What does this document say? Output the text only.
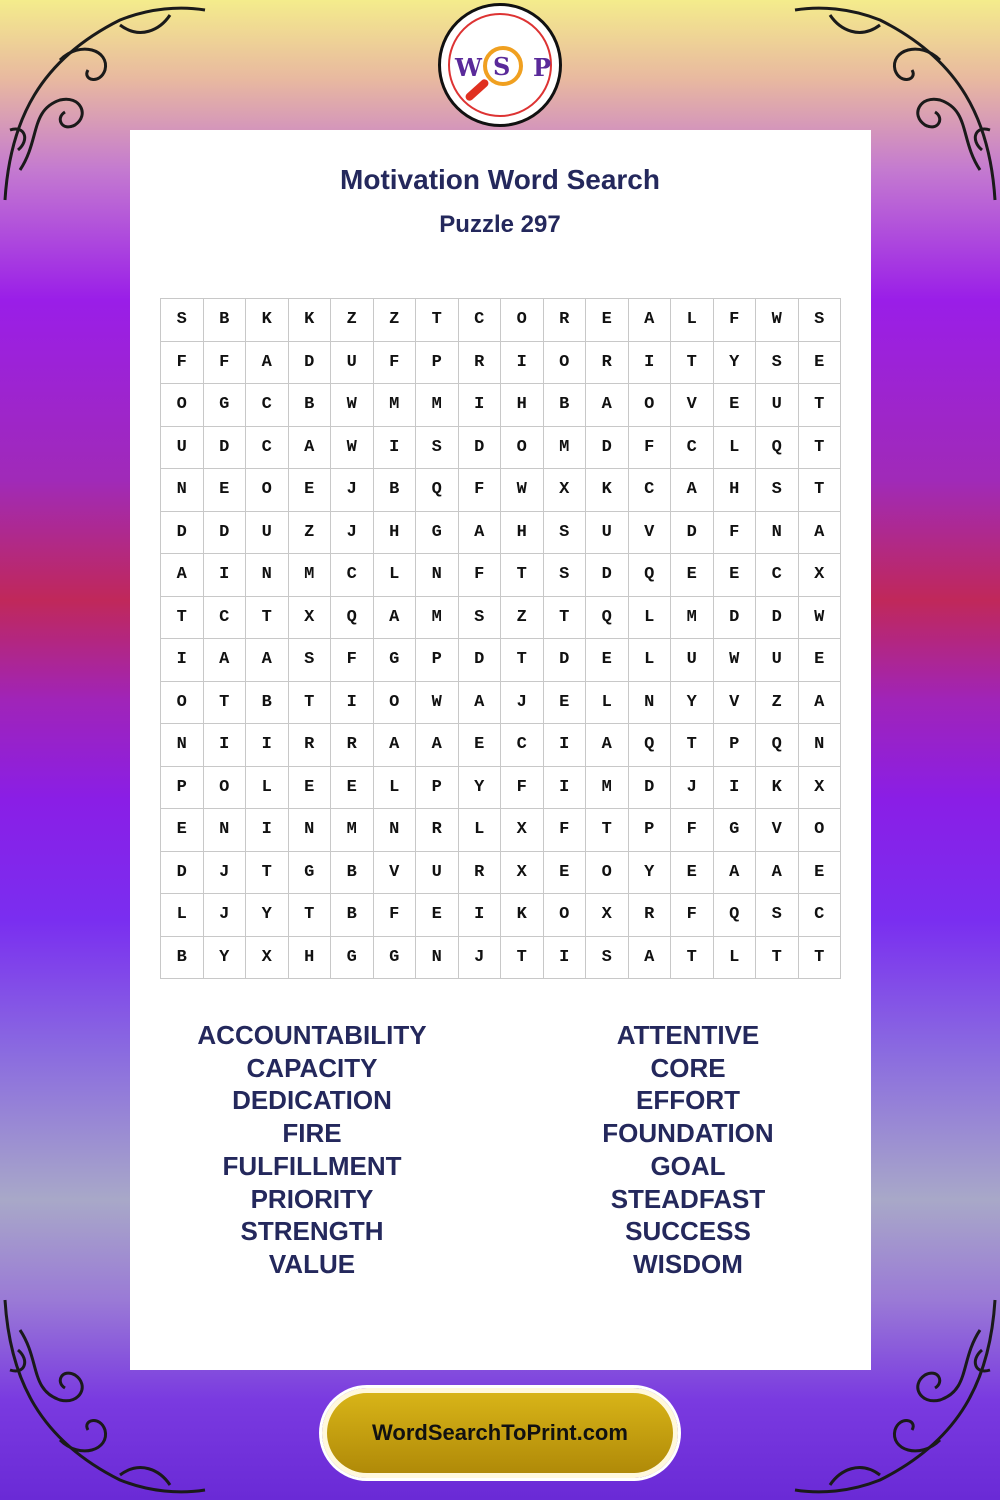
W S P
Motivation Word Search
Puzzle 297
S	B	K	K	Z	Z	T	C	O	R	E	A	L	F	W	S
F	F	A	D	U	F	P	R	I	O	R	I	T	Y	S	E
O	G	C	B	W	M	M	I	H	B	A	O	V	E	U	T
U	D	C	A	W	I	S	D	O	M	D	F	C	L	Q	T
N	E	O	E	J	B	Q	F	W	X	K	C	A	H	S	T
D	D	U	Z	J	H	G	A	H	S	U	V	D	F	N	A
A	I	N	M	C	L	N	F	T	S	D	Q	E	E	C	X
T	C	T	X	Q	A	M	S	Z	T	Q	L	M	D	D	W
I	A	A	S	F	G	P	D	T	D	E	L	U	W	U	E
O	T	B	T	I	O	W	A	J	E	L	N	Y	V	Z	A
N	I	I	R	R	A	A	E	C	I	A	Q	T	P	Q	N
P	O	L	E	E	L	P	Y	F	I	M	D	J	I	K	X
E	N	I	N	M	N	R	L	X	F	T	P	F	G	V	O
D	J	T	G	B	V	U	R	X	E	O	Y	E	A	A	E
L	J	Y	T	B	F	E	I	K	O	X	R	F	Q	S	C
B	Y	X	H	G	G	N	J	T	I	S	A	T	L	T	T
ACCOUNTABILITY
CAPACITY
DEDICATION
FIRE
FULFILLMENT
PRIORITY
STRENGTH
VALUE
ATTENTIVE
CORE
EFFORT
FOUNDATION
GOAL
STEADFAST
SUCCESS
WISDOM
WordSearchToPrint.com
